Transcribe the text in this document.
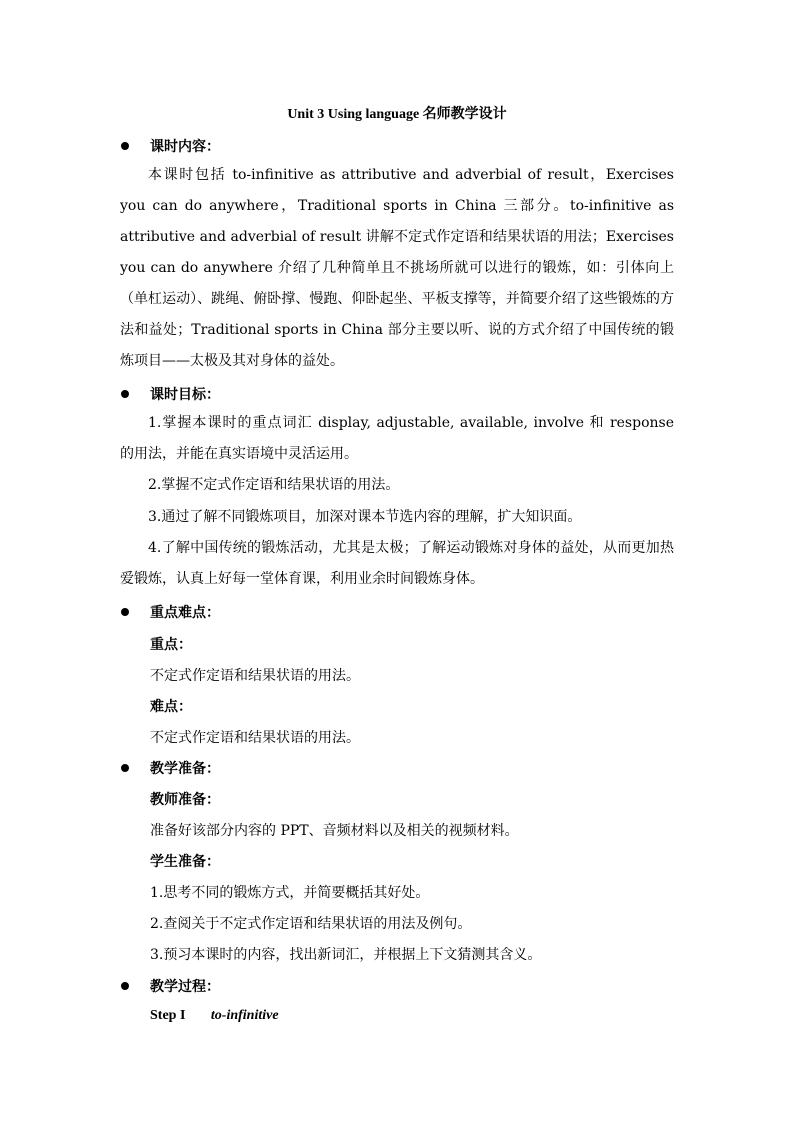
Unit 3 Using language 名师教学设计
课时内容：
本课时包括 to-infinitive as attributive and adverbial of result，Exercises you can do anywhere，Traditional sports in China 三部分。to-infinitive as attributive and adverbial of result 讲解不定式作定语和结果状语的用法；Exercises you can do anywhere 介绍了几种简单且不挑场所就可以进行的锻炼，如：引体向上（单杠运动）、跳绳、俯卧撑、慢跑、仰卧起坐、平板支撑等，并简要介绍了这些锻炼的方法和益处；Traditional sports in China 部分主要以听、说的方式介绍了中国传统的锻炼项目——太极及其对身体的益处。
课时目标：
1.掌握本课时的重点词汇 display, adjustable, available, involve 和 response 的用法，并能在真实语境中灵活运用。
2.掌握不定式作定语和结果状语的用法。
3.通过了解不同锻炼项目，加深对课本节选内容的理解，扩大知识面。
4.了解中国传统的锻炼活动，尤其是太极；了解运动锻炼对身体的益处，从而更加热爱锻炼，认真上好每一堂体育课，利用业余时间锻炼身体。
重点难点：
重点：
不定式作定语和结果状语的用法。
难点：
不定式作定语和结果状语的用法。
教学准备：
教师准备：
准备好该部分内容的 PPT、音频材料以及相关的视频材料。
学生准备：
1.思考不同的锻炼方式，并简要概括其好处。
2.查阅关于不定式作定语和结果状语的用法及例句。
3.预习本课时的内容，找出新词汇，并根据上下文猜测其含义。
教学过程：
Step I to-infinitive
